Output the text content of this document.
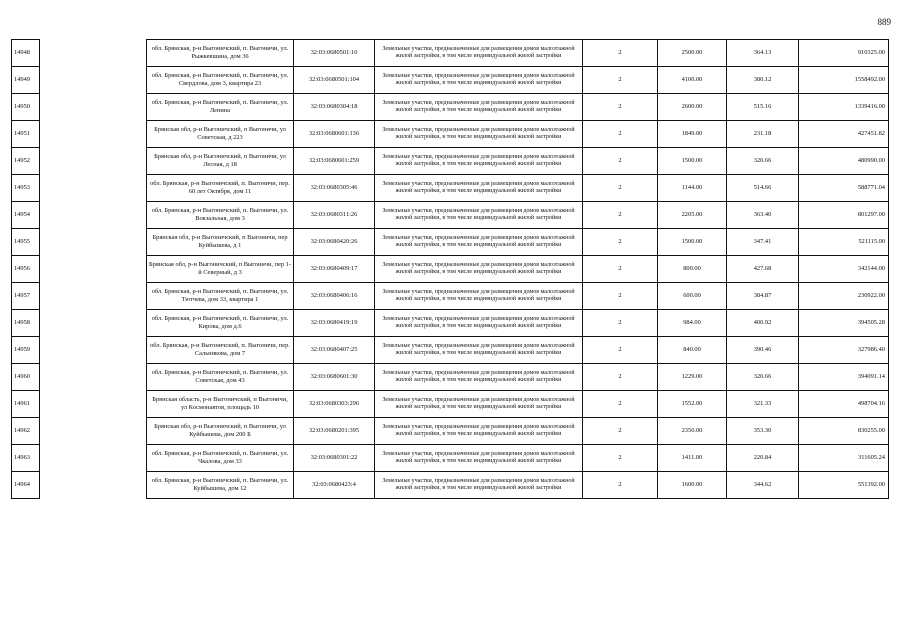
889
14948		обл. Брянская, р-н Выгоничский, п. Выгоничи, ул. Рыжкевшина, дом 36	32:03:0680501:10	Земельные участки, предназначенные для размещения домов малоэтажной жилой застройки, в том числе индивидуальной жилой застройки	2	2500.00	364.13	910325.00
14949		обл. Брянская, р-н Выгоничский, п. Выгоничи, ул. Свердлова, дом 3, квартира 23	32:03:0680501:104	Земельные участки, предназначенные для размещения домов малоэтажной жилой застройки, в том числе индивидуальной жилой застройки	2	4100.00	380.12	1558492.00
14950		обл. Брянская, р-н Выгоничский, п. Выгоничи, ул. Ленина	32:03:0680304:18	Земельные участки, предназначенные для размещения домов малоэтажной жилой застройки, в том числе индивидуальной жилой застройки	2	2600.00	515.16	1339416.00
14951		Брянская обл, р-н Выгоничский, п Выгоничи, ул Советская, д 223	32:03:0680601:136	Земельные участки, предназначенные для размещения домов малоэтажной жилой застройки, в том числе индивидуальной жилой застройки	2	1849.00	231.18	427451.82
14952		Брянская обл, р-н Выгоничский, п Выгоничи, ул Лесная, д 18	32:03:0680601:259	Земельные участки, предназначенные для размещения домов малоэтажной жилой застройки, в том числе индивидуальной жилой застройки	2	1500.00	320.66	480990.00
14953		обл. Брянская, р-н Выгоничский, п. Выгоничи, пер. 60 лет Октября, дом 11	32:03:0680305:46	Земельные участки, предназначенные для размещения домов малоэтажной жилой застройки, в том числе индивидуальной жилой застройки	2	1144.00	514.66	588771.04
14954		обл. Брянская, р-н Выгоничский, п. Выгоничи, ул. Вокзальная, дом 3	32:03:0680311:26	Земельные участки, предназначенные для размещения домов малоэтажной жилой застройки, в том числе индивидуальной жилой застройки	2	2205.00	363.40	801297.00
14955		Брянская обл, р-н Выгоничский, п Выгоничи, пер Куйбышева, д 1	32:03:0680420:26	Земельные участки, предназначенные для размещения домов малоэтажной жилой застройки, в том числе индивидуальной жилой застройки	2	1500.00	347.41	521115.00
14956		Брянская обл, р-н Выгоничский, п Выгоничи, пер 1-й Северный, д 3	32:03:0680409:17	Земельные участки, предназначенные для размещения домов малоэтажной жилой застройки, в том числе индивидуальной жилой застройки	2	800.00	427.68	342144.00
14957		обл. Брянская, р-н Выгоничский, п. Выгоничи, ул. Тютчева, дом 33, квартира 1	32:03:0680406:16	Земельные участки, предназначенные для размещения домов малоэтажной жилой застройки, в том числе индивидуальной жилой застройки	2	600.00	384.87	230922.00
14958		обл. Брянская, р-н Выгоничский, п. Выгоничи, ул. Кирова, дом д.6	32:03:0680419:19	Земельные участки, предназначенные для размещения домов малоэтажной жилой застройки, в том числе индивидуальной жилой застройки	2	984.00	400.92	394505.28
14959		обл. Брянская, р-н Выгоничский, п. Выгоничи, пер. Сальникова, дом 7	32:03:0680407:25	Земельные участки, предназначенные для размещения домов малоэтажной жилой застройки, в том числе индивидуальной жилой застройки	2	840.00	390.46	327986.40
14960		обл. Брянская, р-н Выгоничский, п. Выгоничи, ул. Советская, дом 43	32:03:0680601:30	Земельные участки, предназначенные для размещения домов малоэтажной жилой застройки, в том числе индивидуальной жилой застройки	2	1229.00	320.66	394091.14
14961		Брянская область, р-н Выгоничский, п Выгоничи, ул Космонавтов, площадь 10	32:03:0680303:296	Земельные участки, предназначенные для размещения домов малоэтажной жилой застройки, в том числе индивидуальной жилой застройки	2	1552.00	321.33	498704.16
14962		Брянская обл, р-н Выгоничский, п Выгоничи, ул Куйбышева, дом 200 Б	32:03:0680201:395	Земельные участки, предназначенные для размещения домов малоэтажной жилой застройки, в том числе индивидуальной жилой застройки	2	2350.00	353.30	830255.00
14963		обл. Брянская, р-н Выгоничский, п. Выгоничи, ул. Чкалова, дом 33	32:03:0680301:22	Земельные участки, предназначенные для размещения домов малоэтажной жилой застройки, в том числе индивидуальной жилой застройки	2	1411.00	220.84	311605.24
14964		обл. Брянская, р-н Выгоничский, п. Выгоничи, ул. Куйбышева, дом 12	32:03:0680423:4	Земельные участки, предназначенные для размещения домов малоэтажной жилой застройки, в том числе индивидуальной жилой застройки	2	1600.00	344.62	551392.00
